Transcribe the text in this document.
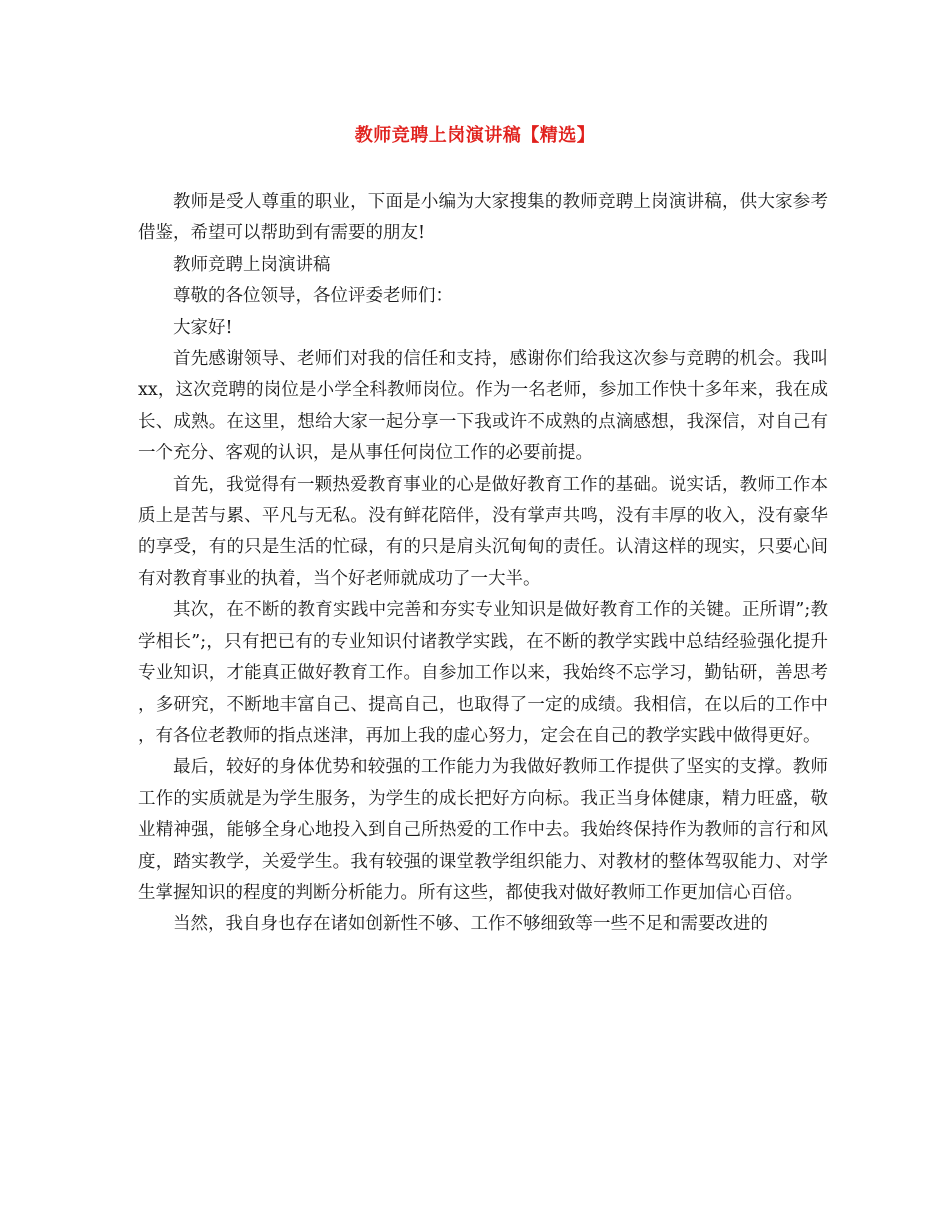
教师竞聘上岗演讲稿【精选】

教师是受人尊重的职业，下面是小编为大家搜集的教师竞聘上岗演讲稿，供大家参考借鉴，希望可以帮助到有需要的朋友!

教师竞聘上岗演讲稿

尊敬的各位领导，各位评委老师们：

大家好!

首先感谢领导、老师们对我的信任和支持，感谢你们给我这次参与竞聘的机会。我叫 xx，这次竞聘的岗位是小学全科教师岗位。作为一名老师，参加工作快十多年来，我在成长、成熟。在这里，想给大家一起分享一下我或许不成熟的点滴感想，我深信，对自己有一个充分、客观的认识，是从事任何岗位工作的必要前提。

首先，我觉得有一颗热爱教育事业的心是做好教育工作的基础。说实话，教师工作本质上是苦与累、平凡与无私。没有鲜花陪伴，没有掌声共鸣，没有丰厚的收入，没有豪华的享受，有的只是生活的忙碌，有的只是肩头沉甸甸的责任。认清这样的现实，只要心间有对教育事业的执着，当个好老师就成功了一大半。

其次，在不断的教育实践中完善和夯实专业知识是做好教育工作的关键。正所谓”;教学相长”;，只有把已有的专业知识付诸教学实践，在不断的教学实践中总结经验强化提升专业知识，才能真正做好教育工作。自参加工作以来，我始终不忘学习，勤钻研，善思考，多研究，不断地丰富自己、提高自己，也取得了一定的成绩。我相信，在以后的工作中，有各位老教师的指点迷津，再加上我的虚心努力，定会在自己的教学实践中做得更好。

最后，较好的身体优势和较强的工作能力为我做好教师工作提供了坚实的支撑。教师工作的实质就是为学生服务，为学生的成长把好方向标。我正当身体健康，精力旺盛，敬业精神强，能够全身心地投入到自己所热爱的工作中去。我始终保持作为教师的言行和风度，踏实教学，关爱学生。我有较强的课堂教学组织能力、对教材的整体驾驭能力、对学生掌握知识的程度的判断分析能力。所有这些，都使我对做好教师工作更加信心百倍。

当然，我自身也存在诸如创新性不够、工作不够细致等一些不足和需要改进的
